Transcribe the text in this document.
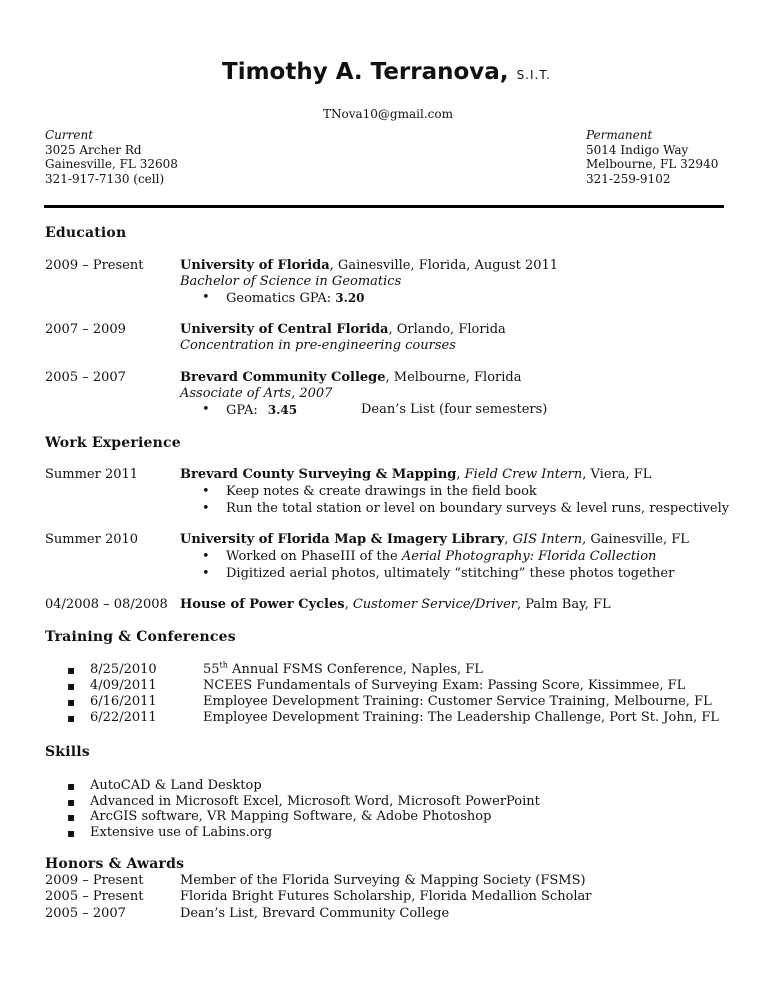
Timothy A. Terranova, S.I.T.
TNova10@gmail.com
Current
3025 Archer Rd
Gainesville, FL 32608
321-917-7130 (cell)
Permanent
5014 Indigo Way
Melbourne, FL 32940
321-259-9102
Education
2009 – Present	University of Florida, Gainesville, Florida, August 2011
Bachelor of Science in Geomatics
• Geomatics GPA: 3.20
2007 – 2009	University of Central Florida, Orlando, Florida
Concentration in pre-engineering courses
2005 – 2007	Brevard Community College, Melbourne, Florida
Associate of Arts, 2007
• GPA: 3.45	Dean’s List (four semesters)
Work Experience
Summer 2011	Brevard County Surveying & Mapping, Field Crew Intern, Viera, FL
• Keep notes & create drawings in the field book
• Run the total station or level on boundary surveys & level runs, respectively
Summer 2010	University of Florida Map & Imagery Library, GIS Intern, Gainesville, FL
• Worked on PhaseIII of the Aerial Photography: Florida Collection
• Digitized aerial photos, ultimately “stitching” these photos together
04/2008 – 08/2008 House of Power Cycles, Customer Service/Driver, Palm Bay, FL
Training & Conferences
▪ 8/25/2010	55th Annual FSMS Conference, Naples, FL
▪ 4/09/2011	NCEES Fundamentals of Surveying Exam: Passing Score, Kissimmee, FL
▪ 6/16/2011	Employee Development Training: Customer Service Training, Melbourne, FL
▪ 6/22/2011	Employee Development Training: The Leadership Challenge, Port St. John, FL
Skills
▪ AutoCAD & Land Desktop
▪ Advanced in Microsoft Excel, Microsoft Word, Microsoft PowerPoint
▪ ArcGIS software, VR Mapping Software, & Adobe Photoshop
▪ Extensive use of Labins.org
Honors & Awards
2009 – Present	Member of the Florida Surveying & Mapping Society (FSMS)
2005 – Present	Florida Bright Futures Scholarship, Florida Medallion Scholar
2005 – 2007	Dean’s List, Brevard Community College
